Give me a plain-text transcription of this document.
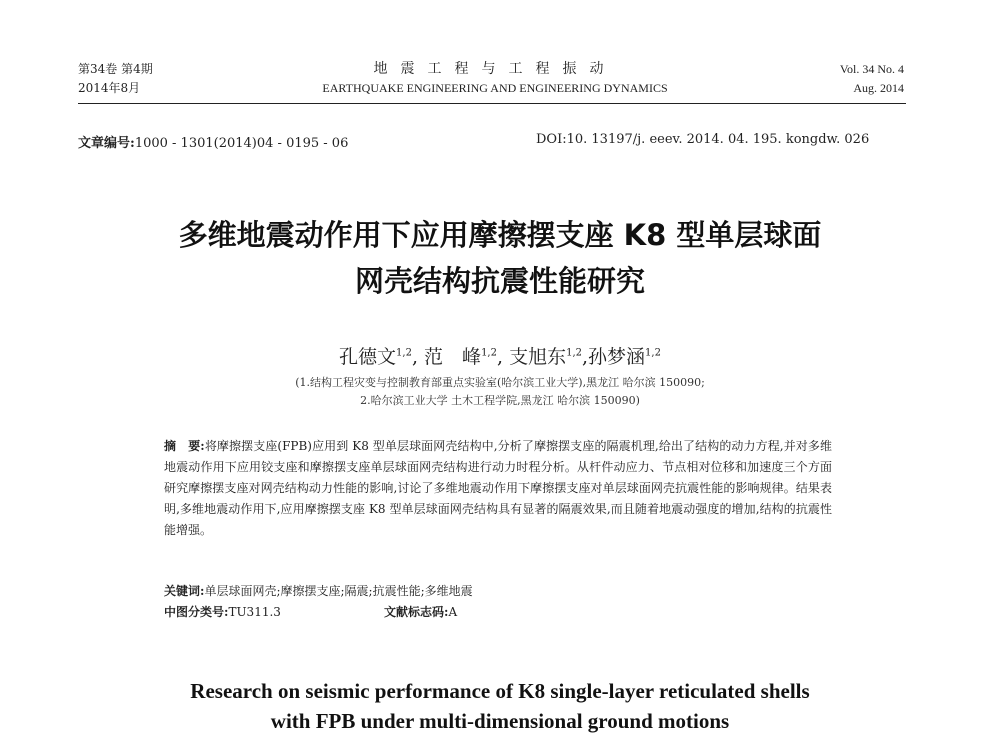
第34卷 第4期
2014年8月
地震工程与工程振动
EARTHQUAKE ENGINEERING AND ENGINEERING DYNAMICS
Vol. 34 No. 4
Aug. 2014
文章编号:1000 - 1301(2014)04 - 0195 - 06	DOI:10. 13197/j. eeev. 2014. 04. 195. kongdw. 026
多维地震动作用下应用摩擦摆支座 K8 型单层球面
网壳结构抗震性能研究
孔德文$^{1,2}$, 范　峰$^{1,2}$, 支旭东$^{1,2}$,孙梦涵$^{1,2}$
(1.结构工程灾变与控制教育部重点实验室(哈尔滨工业大学),黑龙江 哈尔滨 150090;
2.哈尔滨工业大学 土木工程学院,黑龙江 哈尔滨 150090)
摘　要:将摩擦摆支座(FPB)应用到 K8 型单层球面网壳结构中,分析了摩擦摆支座的隔震机理,给出了结构的动力方程,并对多维地震动作用下应用铰支座和摩擦摆支座单层球面网壳结构进行动力时程分析。从杆件动应力、节点相对位移和加速度三个方面研究摩擦摆支座对网壳结构动力性能的影响,讨论了多维地震动作用下摩擦摆支座对单层球面网壳抗震性能的影响规律。结果表明,多维地震动作用下,应用摩擦摆支座 K8 型单层球面网壳结构具有显著的隔震效果,而且随着地震动强度的增加,结构的抗震性能增强。
关键词:单层球面网壳;摩擦摆支座;隔震;抗震性能;多维地震
中图分类号:TU311.3	文献标志码:A
Research on seismic performance of K8 single-layer reticulated shells
with FPB under multi-dimensional ground motions
